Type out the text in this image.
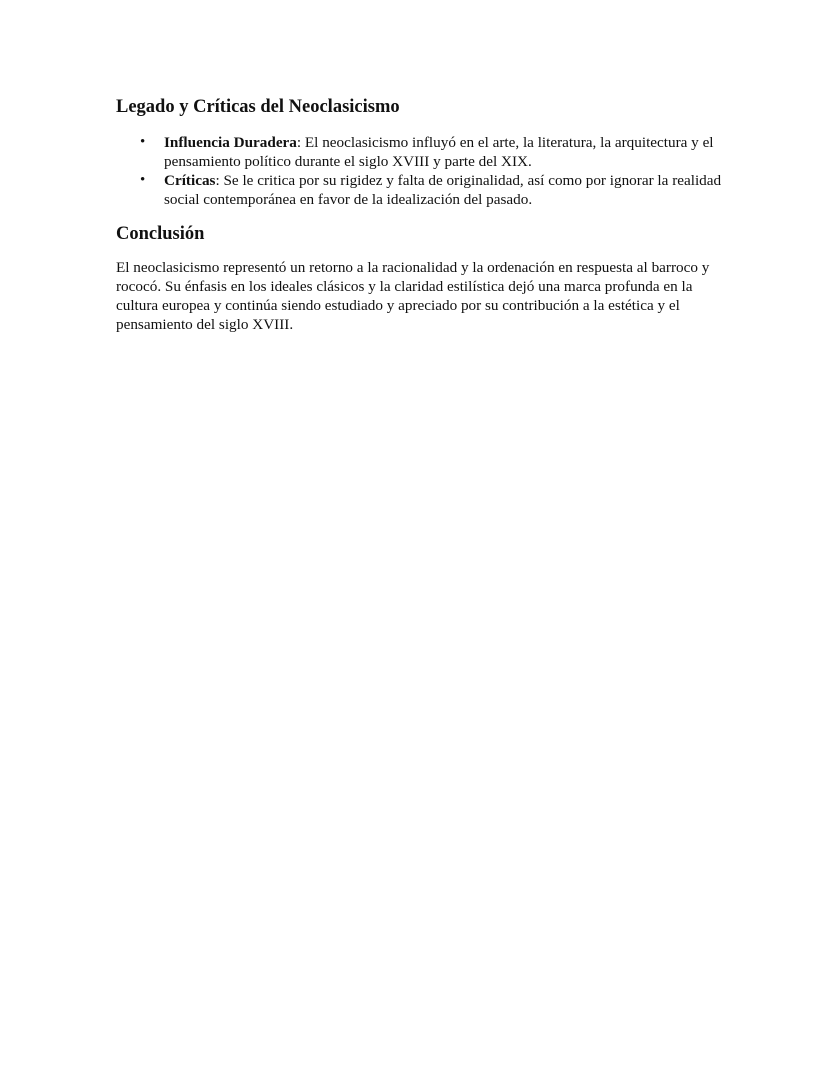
Legado y Críticas del Neoclasicismo
• Influencia Duradera: El neoclasicismo influyó en el arte, la literatura, la arquitectura y el pensamiento político durante el siglo XVIII y parte del XIX.
• Críticas: Se le critica por su rigidez y falta de originalidad, así como por ignorar la realidad social contemporánea en favor de la idealización del pasado.
Conclusión

El neoclasicismo representó un retorno a la racionalidad y la ordenación en respuesta al barroco y rococó. Su énfasis en los ideales clásicos y la claridad estilística dejó una marca profunda en la cultura europea y continúa siendo estudiado y apreciado por su contribución a la estética y el pensamiento del siglo XVIII.
